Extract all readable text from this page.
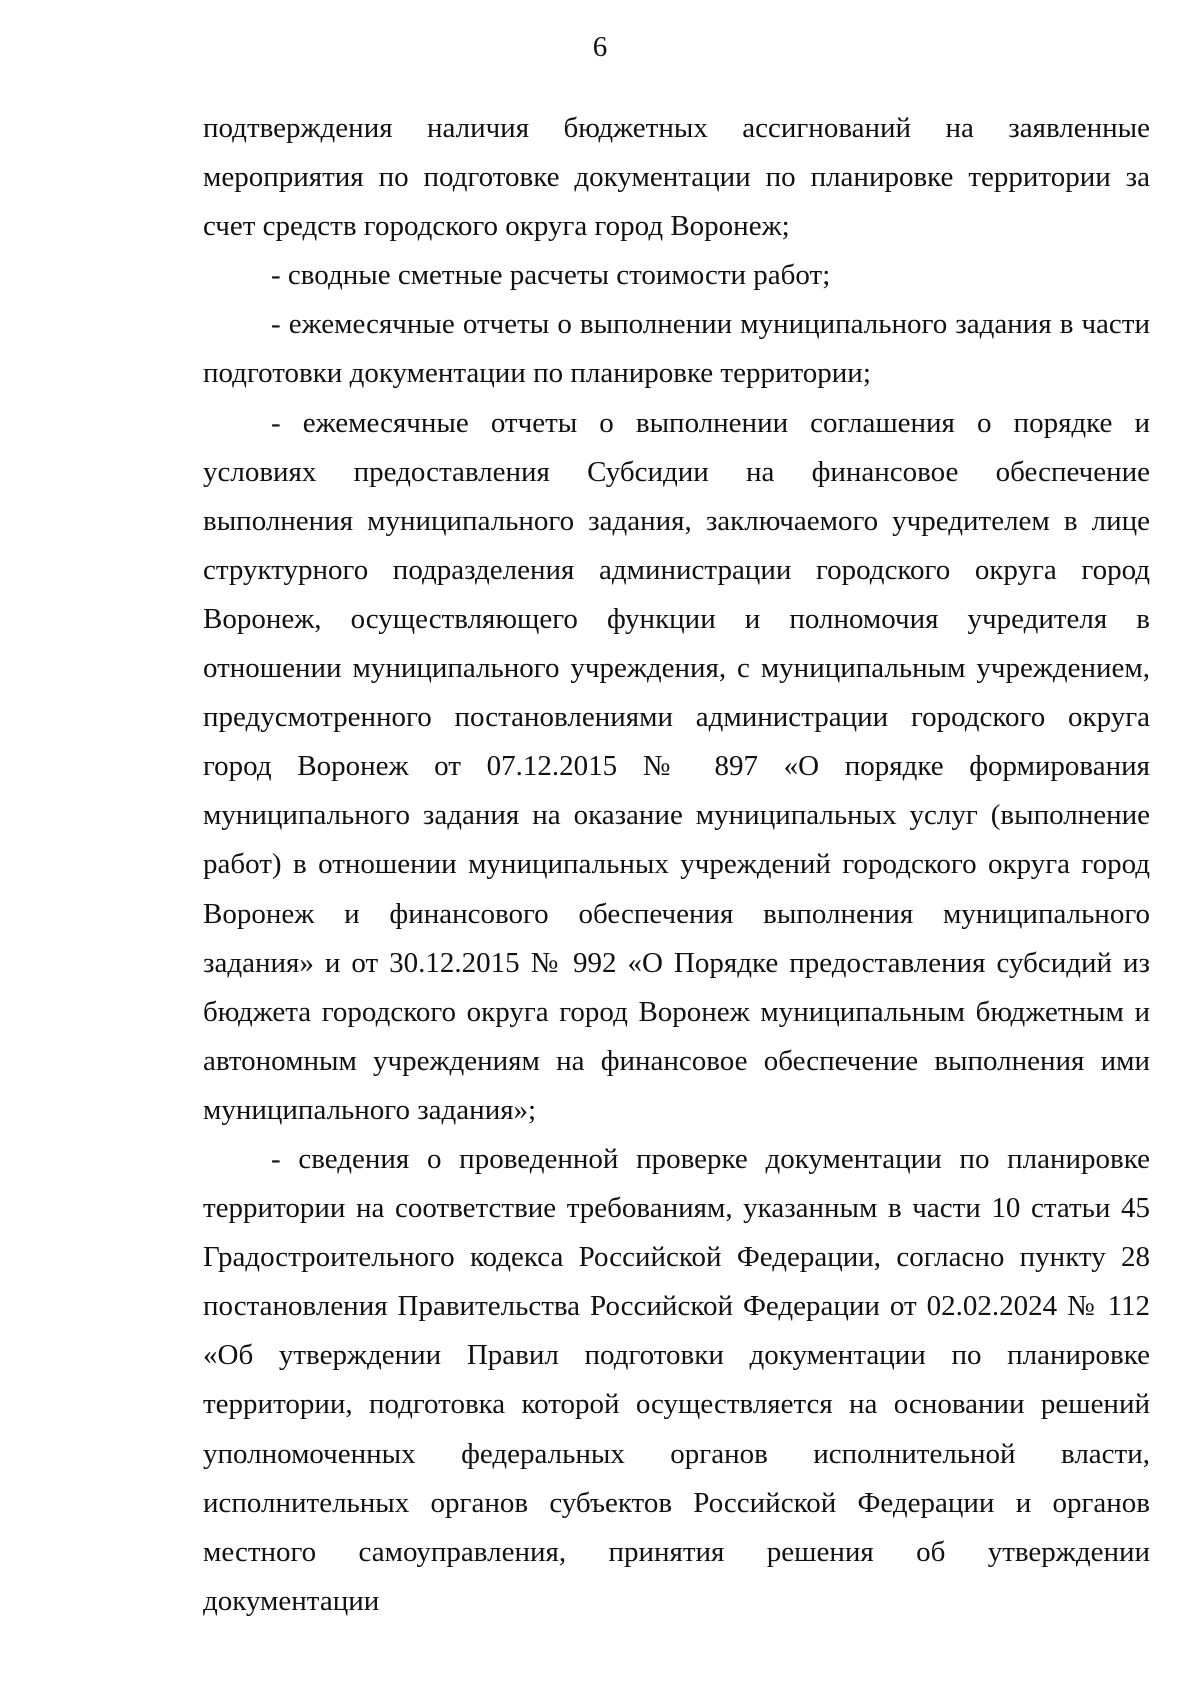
6

подтверждения наличия бюджетных ассигнований на заявленные мероприятия по подготовке документации по планировке территории за счет средств городского округа город Воронеж;

- сводные сметные расчеты стоимости работ;

- ежемесячные отчеты о выполнении муниципального задания в части подготовки документации по планировке территории;

- ежемесячные отчеты о выполнении соглашения о порядке и условиях предоставления Субсидии на финансовое обеспечение выполнения муниципального задания, заключаемого учредителем в лице структурного подразделения администрации городского округа город Воронеж, осуществляющего функции и полномочия учредителя в отношении муниципального учреждения, с муниципальным учреждением, предусмотренного постановлениями администрации городского округа город Воронеж от 07.12.2015 № 897 «О порядке формирования муниципального задания на оказание муниципальных услуг (выполнение работ) в отношении муниципальных учреждений городского округа город Воронеж и финансового обеспечения выполнения муниципального задания» и от 30.12.2015 № 992 «О Порядке предоставления субсидий из бюджета городского округа город Воронеж муниципальным бюджетным и автономным учреждениям на финансовое обеспечение выполнения ими муниципального задания»;

- сведения о проведенной проверке документации по планировке территории на соответствие требованиям, указанным в части 10 статьи 45 Градостроительного кодекса Российской Федерации, согласно пункту 28 постановления Правительства Российской Федерации от 02.02.2024 № 112 «Об утверждении Правил подготовки документации по планировке территории, подготовка которой осуществляется на основании решений уполномоченных федеральных органов исполнительной власти, исполнительных органов субъектов Российской Федерации и органов местного самоуправления, принятия решения об утверждении документации
